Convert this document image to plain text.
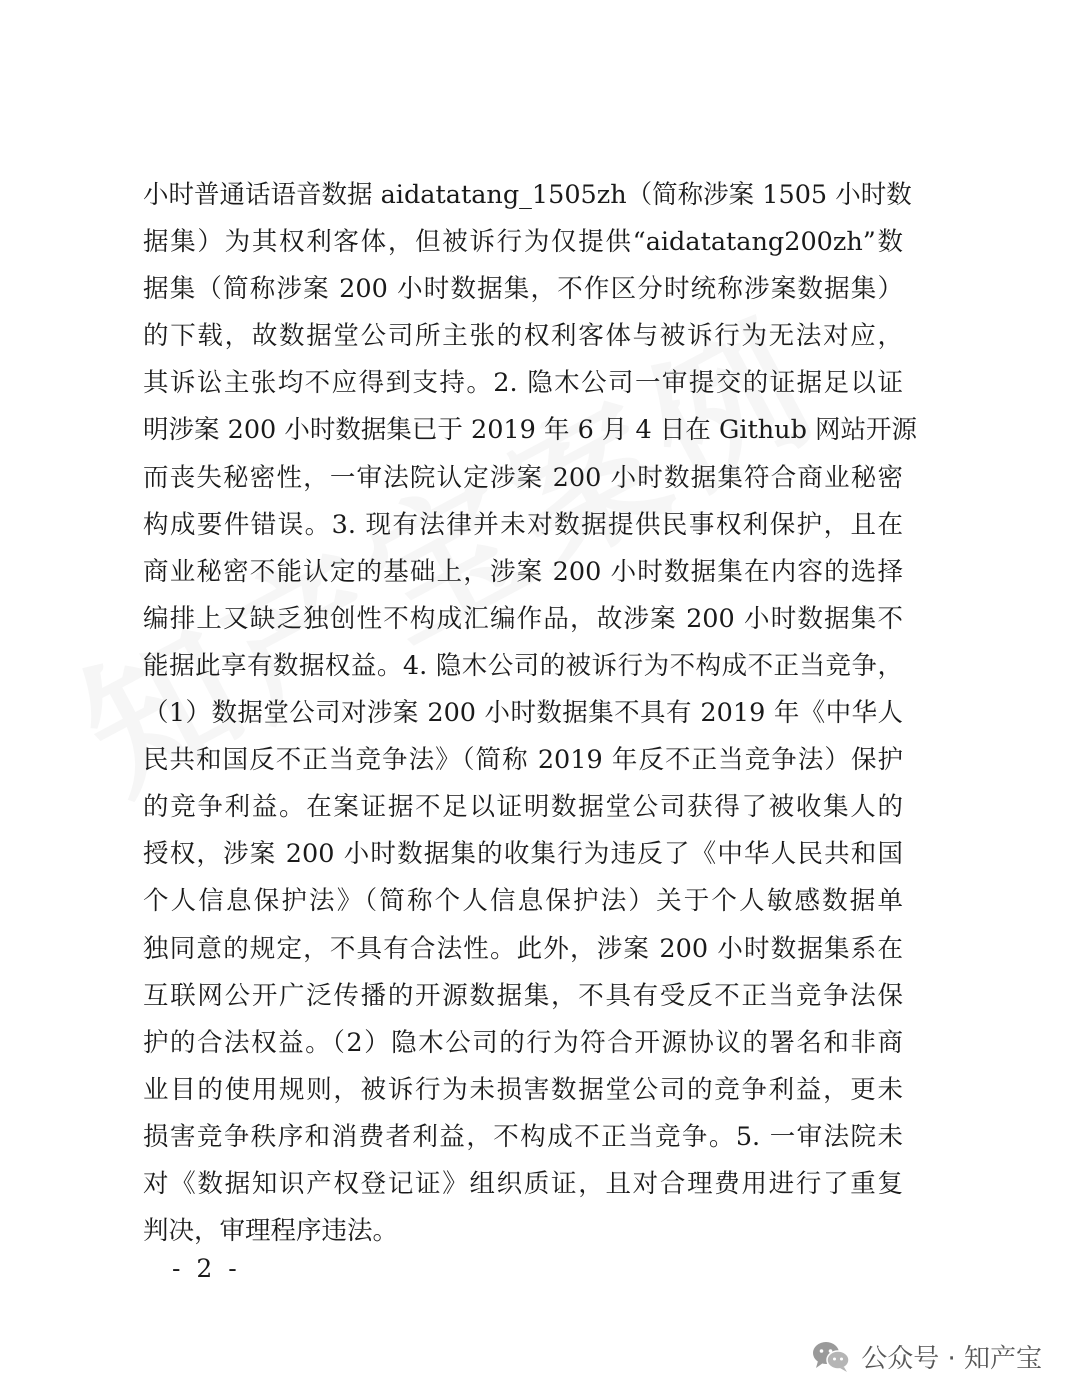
小时普通话语音数据 aidatatang_1505zh（简称涉案 1505 小时数
据集）为其权利客体，但被诉行为仅提供“aidatatang200zh”数
据集（简称涉案 200 小时数据集，不作区分时统称涉案数据集）
的下载，故数据堂公司所主张的权利客体与被诉行为无法对应，
其诉讼主张均不应得到支持。2. 隐木公司一审提交的证据足以证
明涉案 200 小时数据集已于 2019 年 6 月 4 日在 Github 网站开源
而丧失秘密性，一审法院认定涉案 200 小时数据集符合商业秘密
构成要件错误。3. 现有法律并未对数据提供民事权利保护，且在
商业秘密不能认定的基础上，涉案 200 小时数据集在内容的选择
编排上又缺乏独创性不构成汇编作品，故涉案 200 小时数据集不
能据此享有数据权益。4. 隐木公司的被诉行为不构成不正当竞争，
（1）数据堂公司对涉案 200 小时数据集不具有 2019 年《中华人
民共和国反不正当竞争法》（简称 2019 年反不正当竞争法）保护
的竞争利益。在案证据不足以证明数据堂公司获得了被收集人的
授权，涉案 200 小时数据集的收集行为违反了《中华人民共和国
个人信息保护法》（简称个人信息保护法）关于个人敏感数据单
独同意的规定，不具有合法性。此外，涉案 200 小时数据集系在
互联网公开广泛传播的开源数据集，不具有受反不正当竞争法保
护的合法权益。（2）隐木公司的行为符合开源协议的署名和非商
业目的使用规则，被诉行为未损害数据堂公司的竞争利益，更未
损害竞争秩序和消费者利益，不构成不正当竞争。5. 一审法院未
对《数据知识产权登记证》组织质证，且对合理费用进行了重复
判决，审理程序违法。
- 2 -
公众号 · 知产宝
